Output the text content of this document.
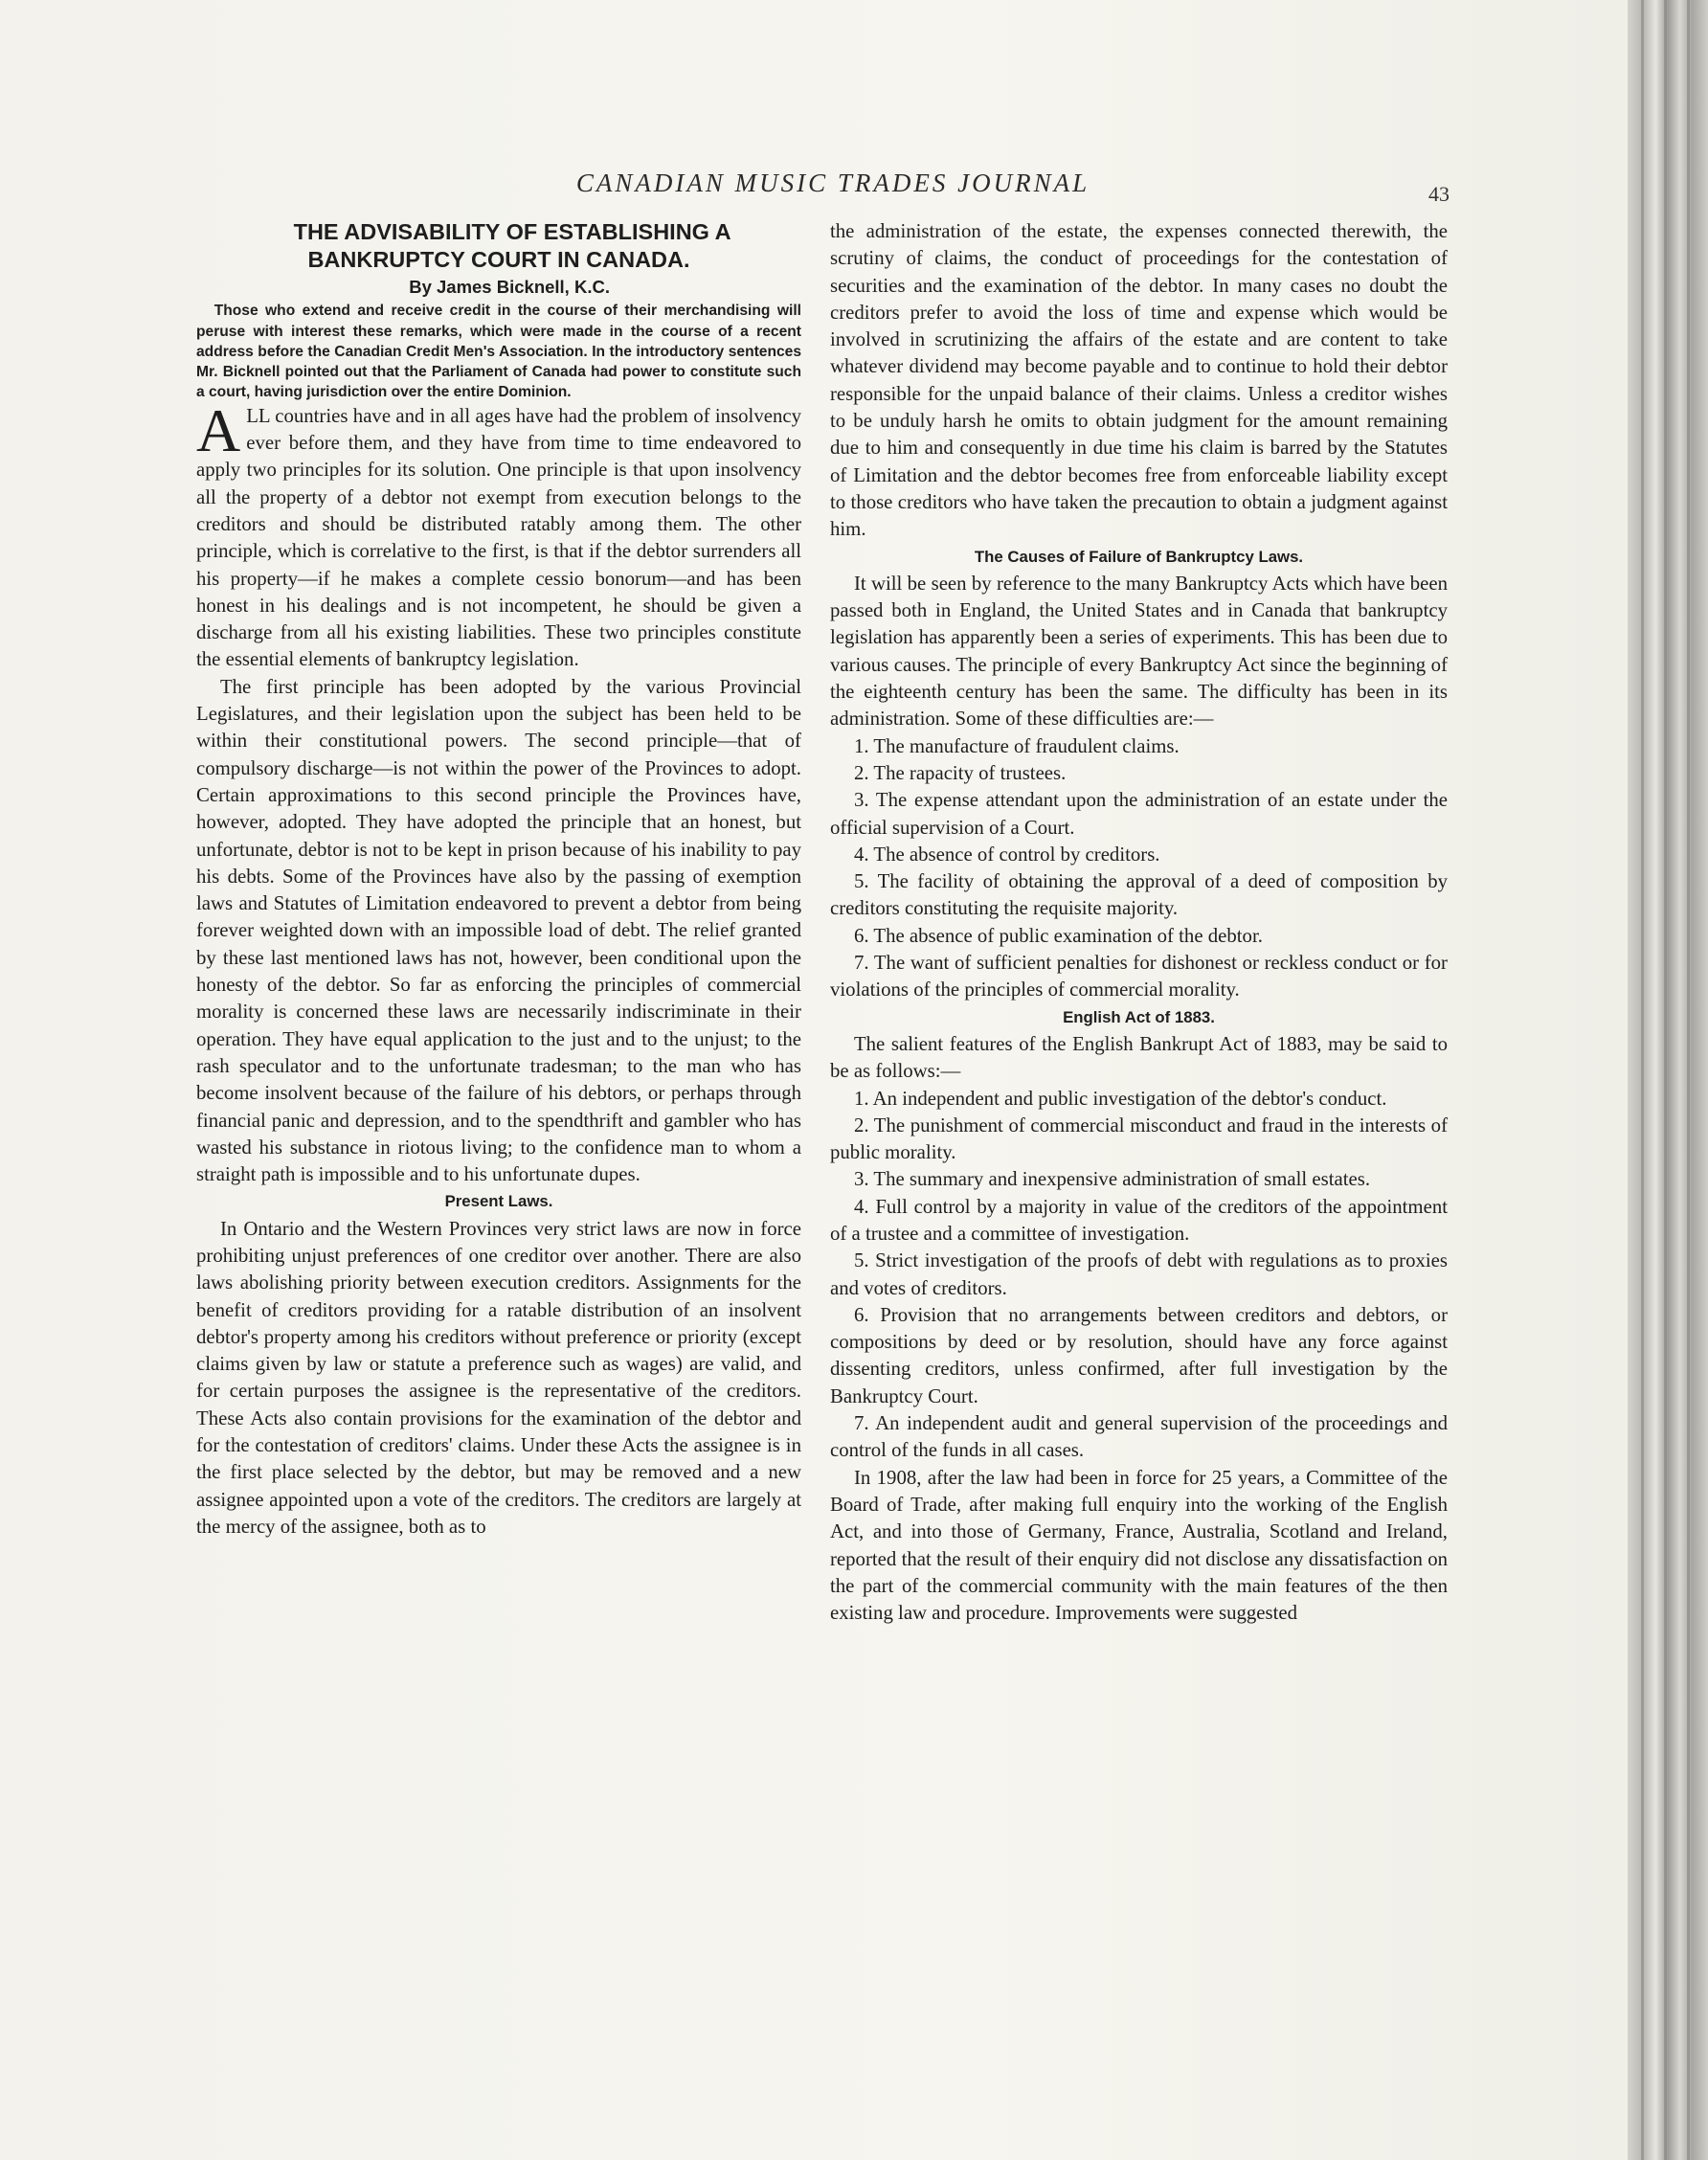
CANADIAN MUSIC TRADES JOURNAL	43

THE ADVISABILITY OF ESTABLISHING A BANKRUPTCY COURT IN CANADA.

By James Bicknell, K.C.

Those who extend and receive credit in the course of their merchandising will peruse with interest these remarks, which were made in the course of a recent address before the Canadian Credit Men's Association. In the introductory sentences Mr. Bicknell pointed out that the Parliament of Canada had power to constitute such a court, having jurisdiction over the entire Dominion.

ALL countries have and in all ages have had the problem of insolvency ever before them, and they have from time to time endeavored to apply two principles for its solution. One principle is that upon insolvency all the property of a debtor not exempt from execution belongs to the creditors and should be distributed ratably among them. The other principle, which is correlative to the first, is that if the debtor surrenders all his property—if he makes a complete cessio bonorum—and has been honest in his dealings and is not incompetent, he should be given a discharge from all his existing liabilities. These two principles constitute the essential elements of bankruptcy legislation.

The first principle has been adopted by the various Provincial Legislatures, and their legislation upon the subject has been held to be within their constitutional powers. The second principle—that of compulsory discharge—is not within the power of the Provinces to adopt. Certain approximations to this second principle the Provinces have, however, adopted. They have adopted the principle that an honest, but unfortunate, debtor is not to be kept in prison because of his inability to pay his debts. Some of the Provinces have also by the passing of exemption laws and Statutes of Limitation endeavored to prevent a debtor from being forever weighted down with an impossible load of debt. The relief granted by these last mentioned laws has not, however, been conditional upon the honesty of the debtor. So far as enforcing the principles of commercial morality is concerned these laws are necessarily indiscriminate in their operation. They have equal application to the just and to the unjust; to the rash speculator and to the unfortunate tradesman; to the man who has become insolvent because of the failure of his debtors, or perhaps through financial panic and depression, and to the spendthrift and gambler who has wasted his substance in riotous living; to the confidence man to whom a straight path is impossible and to his unfortunate dupes.

Present Laws.

In Ontario and the Western Provinces very strict laws are now in force prohibiting unjust preferences of one creditor over another. There are also laws abolishing priority between execution creditors. Assignments for the benefit of creditors providing for a ratable distribution of an insolvent debtor's property among his creditors without preference or priority (except claims given by law or statute a preference such as wages) are valid, and for certain purposes the assignee is the representative of the creditors. These Acts also contain provisions for the examination of the debtor and for the contestation of creditors' claims. Under these Acts the assignee is in the first place selected by the debtor, but may be removed and a new assignee appointed upon a vote of the creditors. The creditors are largely at the mercy of the assignee, both as to

the administration of the estate, the expenses connected therewith, the scrutiny of claims, the conduct of proceedings for the contestation of securities and the examination of the debtor. In many cases no doubt the creditors prefer to avoid the loss of time and expense which would be involved in scrutinizing the affairs of the estate and are content to take whatever dividend may become payable and to continue to hold their debtor responsible for the unpaid balance of their claims. Unless a creditor wishes to be unduly harsh he omits to obtain judgment for the amount remaining due to him and consequently in due time his claim is barred by the Statutes of Limitation and the debtor becomes free from enforceable liability except to those creditors who have taken the precaution to obtain a judgment against him.

The Causes of Failure of Bankruptcy Laws.

It will be seen by reference to the many Bankruptcy Acts which have been passed both in England, the United States and in Canada that bankruptcy legislation has apparently been a series of experiments. This has been due to various causes. The principle of every Bankruptcy Act since the beginning of the eighteenth century has been the same. The difficulty has been in its administration. Some of these difficulties are:—

1. The manufacture of fraudulent claims.

2. The rapacity of trustees.

3. The expense attendant upon the administration of an estate under the official supervision of a Court.

4. The absence of control by creditors.

5. The facility of obtaining the approval of a deed of composition by creditors constituting the requisite majority.

6. The absence of public examination of the debtor.

7. The want of sufficient penalties for dishonest or reckless conduct or for violations of the principles of commercial morality.

English Act of 1883.

The salient features of the English Bankrupt Act of 1883, may be said to be as follows:—

1. An independent and public investigation of the debtor's conduct.

2. The punishment of commercial misconduct and fraud in the interests of public morality.

3. The summary and inexpensive administration of small estates.

4. Full control by a majority in value of the creditors of the appointment of a trustee and a committee of investigation.

5. Strict investigation of the proofs of debt with regulations as to proxies and votes of creditors.

6. Provision that no arrangements between creditors and debtors, or compositions by deed or by resolution, should have any force against dissenting creditors, unless confirmed, after full investigation by the Bankruptcy Court.

7. An independent audit and general supervision of the proceedings and control of the funds in all cases.

In 1908, after the law had been in force for 25 years, a Committee of the Board of Trade, after making full enquiry into the working of the English Act, and into those of Germany, France, Australia, Scotland and Ireland, reported that the result of their enquiry did not disclose any dissatisfaction on the part of the commercial community with the main features of the then existing law and procedure. Improvements were suggested
